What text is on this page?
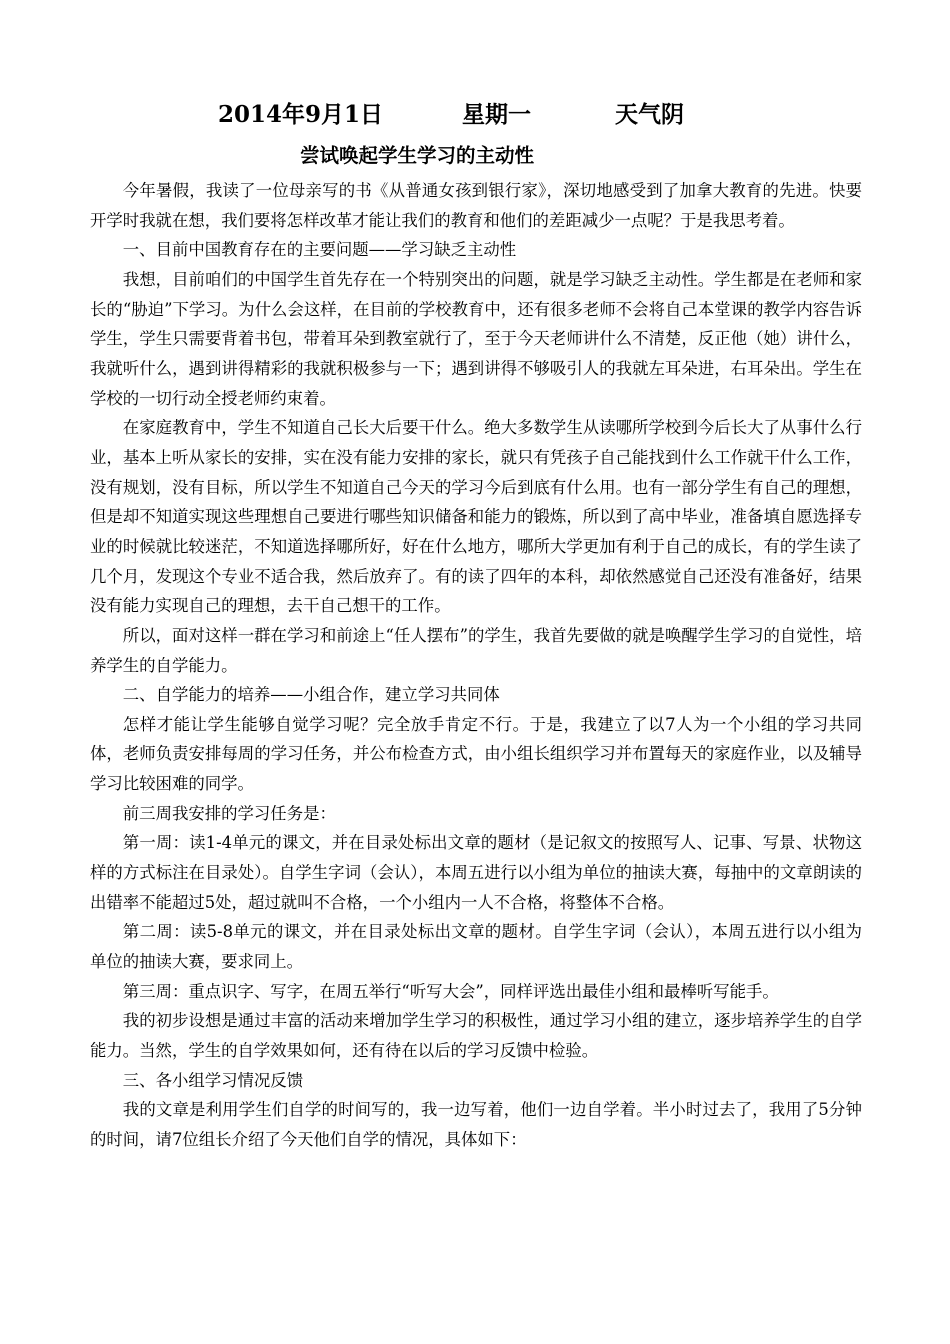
2014年9月1日	星期一	天气阴
尝试唤起学生学习的主动性

今年暑假，我读了一位母亲写的书《从普通女孩到银行家》，深切地感受到了加拿大教育的先进。快要开学时我就在想，我们要将怎样改革才能让我们的教育和他们的差距减少一点呢？于是我思考着。

一、目前中国教育存在的主要问题——学习缺乏主动性

我想，目前咱们的中国学生首先存在一个特别突出的问题，就是学习缺乏主动性。学生都是在老师和家长的“胁迫”下学习。为什么会这样，在目前的学校教育中，还有很多老师不会将自己本堂课的教学内容告诉学生，学生只需要背着书包，带着耳朵到教室就行了，至于今天老师讲什么不清楚，反正他（她）讲什么，我就听什么，遇到讲得精彩的我就积极参与一下；遇到讲得不够吸引人的我就左耳朵进，右耳朵出。学生在学校的一切行动全授老师约束着。

在家庭教育中，学生不知道自己长大后要干什么。绝大多数学生从读哪所学校到今后长大了从事什么行业，基本上听从家长的安排，实在没有能力安排的家长，就只有凭孩子自己能找到什么工作就干什么工作，没有规划，没有目标，所以学生不知道自己今天的学习今后到底有什么用。也有一部分学生有自己的理想，但是却不知道实现这些理想自己要进行哪些知识储备和能力的锻炼，所以到了高中毕业，准备填自愿选择专业的时候就比较迷茫，不知道选择哪所好，好在什么地方，哪所大学更加有利于自己的成长，有的学生读了几个月，发现这个专业不适合我，然后放弃了。有的读了四年的本科，却依然感觉自己还没有准备好，结果没有能力实现自己的理想，去干自己想干的工作。

所以，面对这样一群在学习和前途上“任人摆布”的学生，我首先要做的就是唤醒学生学习的自觉性，培养学生的自学能力。

二、自学能力的培养——小组合作，建立学习共同体

怎样才能让学生能够自觉学习呢？完全放手肯定不行。于是，我建立了以7人为一个小组的学习共同体，老师负责安排每周的学习任务，并公布检查方式，由小组长组织学习并布置每天的家庭作业，以及辅导学习比较困难的同学。

前三周我安排的学习任务是：

第一周：读1-4单元的课文，并在目录处标出文章的题材（是记叙文的按照写人、记事、写景、状物这样的方式标注在目录处）。自学生字词（会认），本周五进行以小组为单位的抽读大赛，每抽中的文章朗读的出错率不能超过5处，超过就叫不合格，一个小组内一人不合格，将整体不合格。

第二周：读5-8单元的课文，并在目录处标出文章的题材。自学生字词（会认），本周五进行以小组为单位的抽读大赛，要求同上。

第三周：重点识字、写字，在周五举行“听写大会”，同样评选出最佳小组和最棒听写能手。

我的初步设想是通过丰富的活动来增加学生学习的积极性，通过学习小组的建立，逐步培养学生的自学能力。当然，学生的自学效果如何，还有待在以后的学习反馈中检验。

三、各小组学习情况反馈

我的文章是利用学生们自学的时间写的，我一边写着，他们一边自学着。半小时过去了，我用了5分钟的时间，请7位组长介绍了今天他们自学的情况，具体如下：
